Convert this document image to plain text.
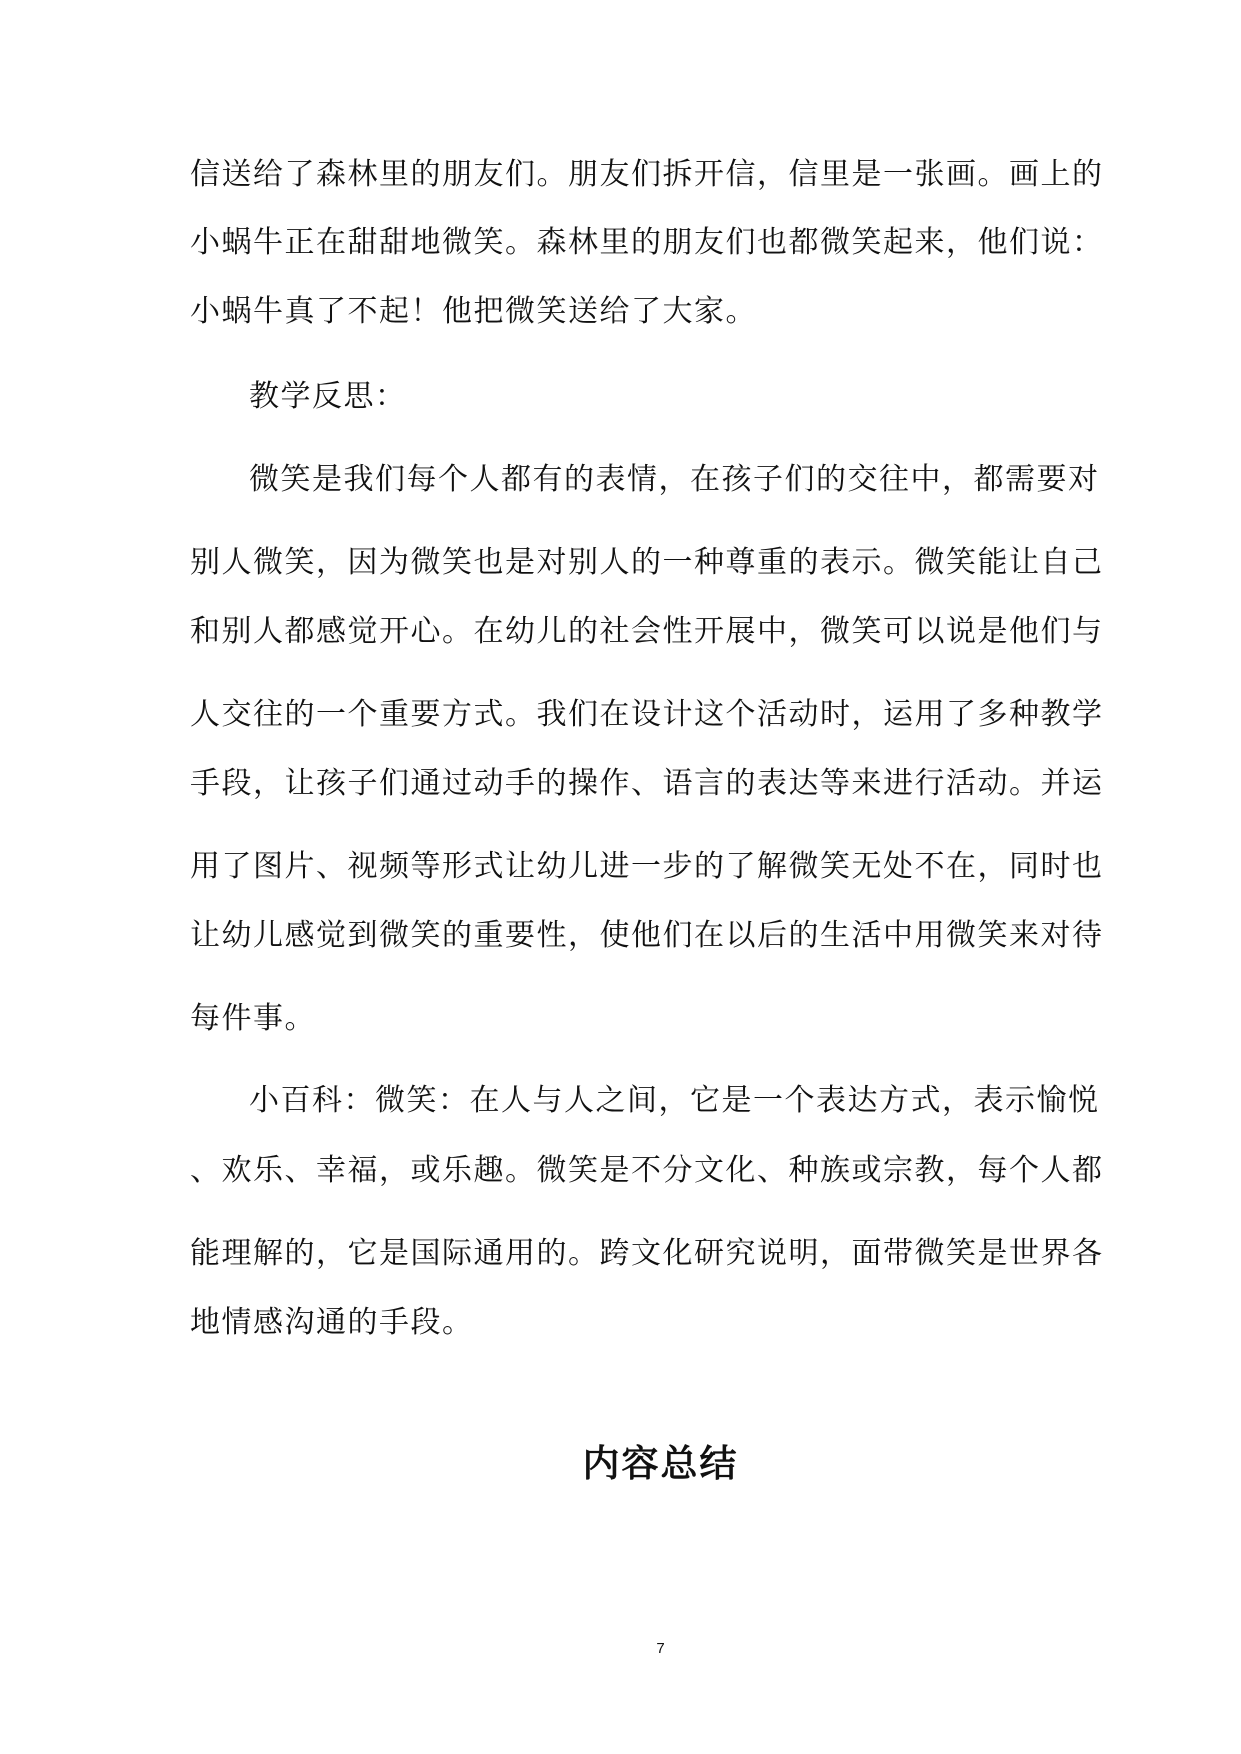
信送给了森林里的朋友们。朋友们拆开信，信里是一张画。画上的
小蜗牛正在甜甜地微笑。森林里的朋友们也都微笑起来，他们说：
小蜗牛真了不起！他把微笑送给了大家。
教学反思：
微笑是我们每个人都有的表情，在孩子们的交往中，都需要对
别人微笑，因为微笑也是对别人的一种尊重的表示。微笑能让自己
和别人都感觉开心。在幼儿的社会性开展中，微笑可以说是他们与
人交往的一个重要方式。我们在设计这个活动时，运用了多种教学
手段，让孩子们通过动手的操作、语言的表达等来进行活动。并运
用了图片、视频等形式让幼儿进一步的了解微笑无处不在，同时也
让幼儿感觉到微笑的重要性，使他们在以后的生活中用微笑来对待
每件事。
小百科：微笑：在人与人之间，它是一个表达方式，表示愉悦
、欢乐、幸福，或乐趣。微笑是不分文化、种族或宗教，每个人都
能理解的，它是国际通用的。跨文化研究说明，面带微笑是世界各
地情感沟通的手段。
内容总结
7
